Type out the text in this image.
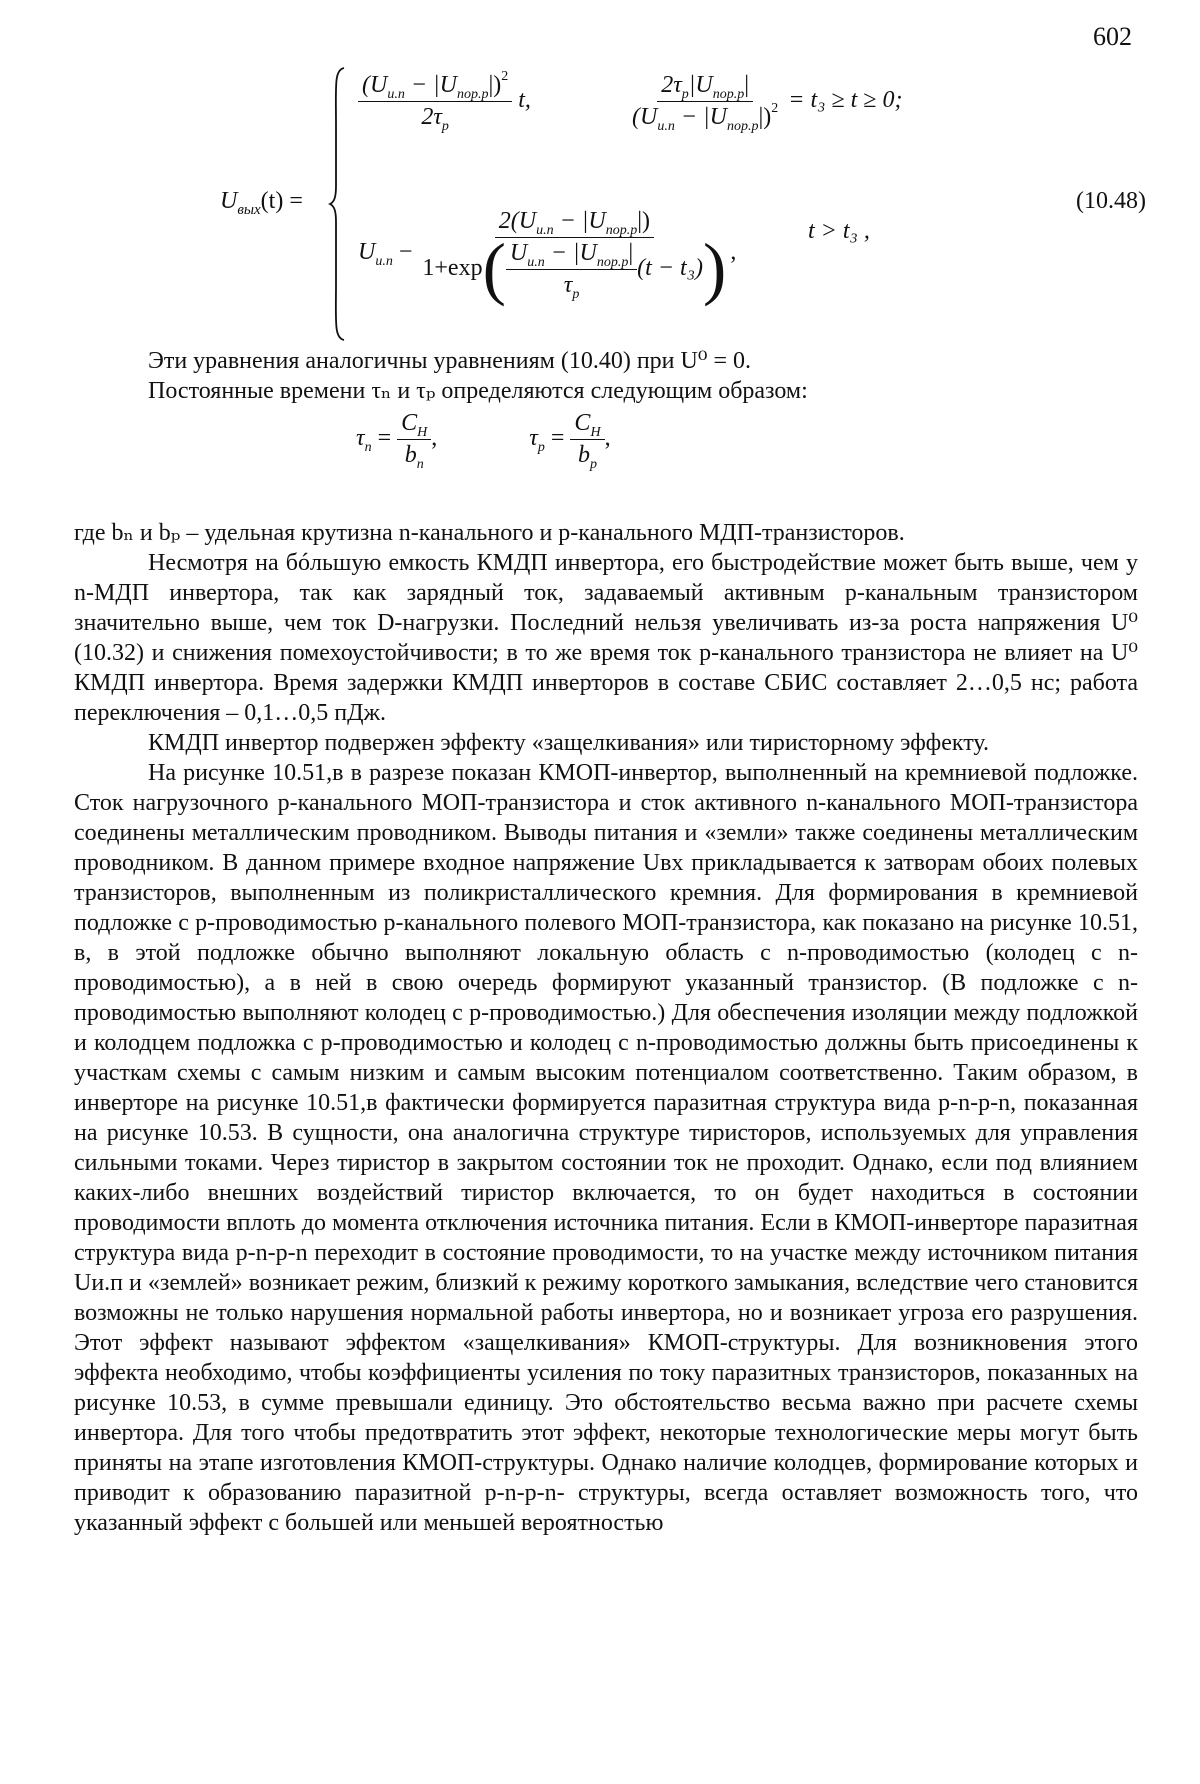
602
$U_{вых}(t)$ =
$\frac{(U_{и.п} - |U_{пор.р}|)^2}{2\tau_р} t$,	$\frac{2\tau_р|U_{пор.р}|}{(U_{и.п} - |U_{пор.р}|)^2} = t_3 \ge t \ge 0$;
$U_{и.п}$ −
$2(U_{и.п} - |U_{пор.р}|)$
$1+\exp( \frac{U_{и.п} - |U_{пор.р}|}{\tau_р} (t - t_3))$ ,
t > t₃ ,
(10.48)
Эти уравнения аналогичны уравнениям (10.40) при U⁰ = 0.
Постоянные времени τₙ и τₚ определяются следующим образом:
$\tau_n = \frac{C_H}{b_n}$ ,	$\tau_p = \frac{C_H}{b_p}$ ,
где bₙ и bₚ – удельная крутизна n-канального и p-канального МДП-транзисторов.
Несмотря на бóльшую емкость КМДП инвертора, его быстродействие может быть выше, чем у n-МДП инвертора, так как зарядный ток, задаваемый активным p-канальным транзистором значительно выше, чем ток D-нагрузки. Последний нельзя увеличивать из-за роста напряжения U⁰ (10.32) и снижения помехоустойчивости; в то же время ток p-канального транзистора не влияет на U⁰ КМДП инвертора. Время задержки КМДП инверторов в составе СБИС составляет 2…0,5 нс; работа переключения – 0,1…0,5 пДж.
КМДП инвертор подвержен эффекту «защелкивания» или тиристорному эффекту.
На рисунке 10.51,в в разрезе показан КМОП-инвертор, выполненный на кремниевой подложке. Сток нагрузочного p-канального МОП-транзистора и сток активного n-канального МОП-транзистора соединены металлическим проводником. Выводы питания и «земли» также соединены металлическим проводником. В данном примере входное напряжение Uвх прикладывается к затворам обоих полевых транзисторов, выполненным из поликристаллического кремния. Для формирования в кремниевой подложке с p-проводимостью p-канального полевого МОП-транзистора, как показано на рисунке 10.51, в, в этой подложке обычно выполняют локальную область с n-проводимостью (колодец с n-проводимостью), а в ней в свою очередь формируют указанный транзистор. (В подложке с n-проводимостью выполняют колодец с p-проводимостью.) Для обеспечения изоляции между подложкой и колодцем подложка с p-проводимостью и колодец с n-проводимостью должны быть присоединены к участкам схемы с самым низким и самым высоким потенциалом соответственно. Таким образом, в инверторе на рисунке 10.51,в фактически формируется паразитная структура вида p-n-p-n, показанная на рисунке 10.53. В сущности, она аналогична структуре тиристоров, используемых для управления сильными токами. Через тиристор в закрытом состоянии ток не проходит. Однако, если под влиянием каких-либо внешних воздействий тиристор включается, то он будет находиться в состоянии проводимости вплоть до момента отключения источника питания. Если в КМОП-инверторе паразитная структура вида p-n-p-n переходит в состояние проводимости, то на участке между источником питания Uи.п и «землей» возникает режим, близкий к режиму короткого замыкания, вследствие чего становится возможны не только нарушения нормальной работы инвертора, но и возникает угроза его разрушения. Этот эффект называют эффектом «защелкивания» КМОП-структуры. Для возникновения этого эффекта необходимо, чтобы коэффициенты усиления по току паразитных транзисторов, показанных на рисунке 10.53, в сумме превышали единицу. Это обстоятельство весьма важно при расчете схемы инвертора. Для того чтобы предотвратить этот эффект, некоторые технологические меры могут быть приняты на этапе изготовления КМОП-структуры. Однако наличие колодцев, формирование которых и приводит к образованию паразитной p-n-p-n- структуры, всегда оставляет возможность того, что указанный эффект с большей или меньшей вероятностью
